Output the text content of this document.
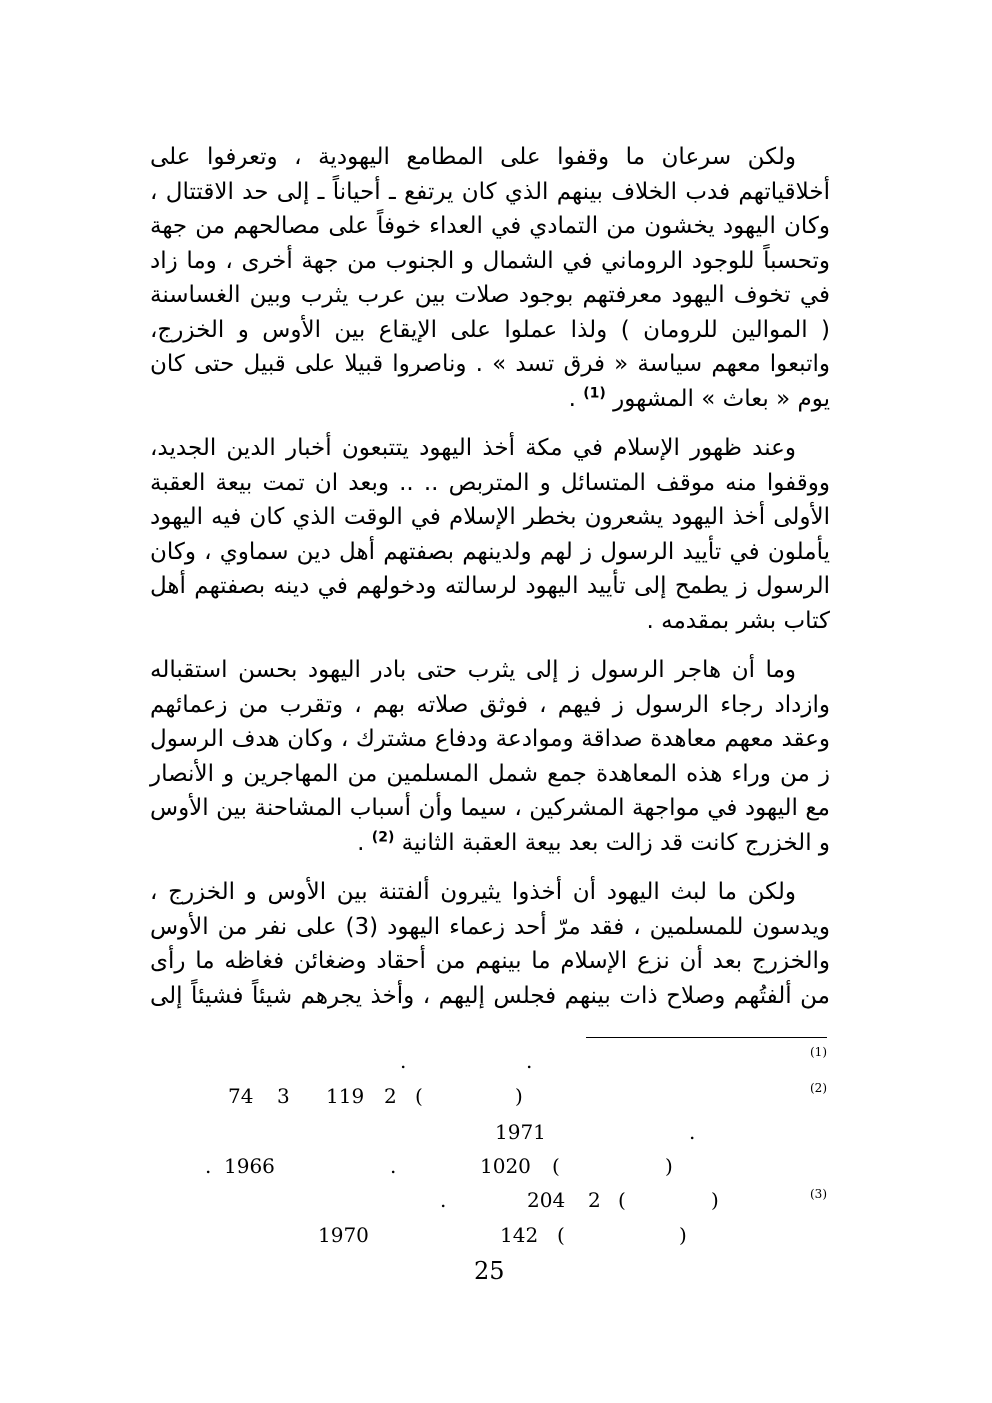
ولكن سرعان ما وقفوا على المطامع اليهودية ، وتعرفوا على
أخلاقياتهم فدب الخلاف بينهم الذي كان يرتفع ـ أحياناً ـ إلى حد الاقتتال ،
وكان اليهود يخشون من التمادي في العداء خوفاً على مصالحهم من جهة
وتحسباً للوجود الروماني في الشمال و الجنوب من جهة أخرى ، وما زاد
في تخوف اليهود معرفتهم بوجود صلات بين عرب يثرب وبين الغساسنة
( الموالين للرومان ) ولذا عملوا على الإيقاع بين الأوس و الخزرج،
واتبعوا معهم سياسة « فرق تسد » . وناصروا قبيلا على قبيل حتى كان
يوم « بعاث » المشهور $^{(1)}$ .
وعند ظهور الإسلام في مكة أخذ اليهود يتتبعون أخبار الدين الجديد،
ووقفوا منه موقف المتسائل و المتربص .. .. وبعد ان تمت بيعة العقبة
الأولى أخذ اليهود يشعرون بخطر الإسلام في الوقت الذي كان فيه اليهود
يأملون في تأييد الرسول ز لهم ولدينهم بصفتهم أهل دين سماوي ، وكان
الرسول ز يطمح إلى تأييد اليهود لرسالته ودخولهم في دينه بصفتهم أهل
كتاب بشر بمقدمه .
وما أن هاجر الرسول ز إلى يثرب حتى بادر اليهود بحسن استقباله
وازداد رجاء الرسول ز فيهم ، فوثق صلاته بهم ، وتقرب من زعمائهم
وعقد معهم معاهدة صداقة وموادعة ودفاع مشترك ، وكان هدف الرسول
ز من وراء هذه المعاهدة جمع شمل المسلمين من المهاجرين و الأنصار
مع اليهود في مواجهة المشركين ، سيما وأن أسباب المشاحنة بين الأوس
و الخزرج كانت قد زالت بعد بيعة العقبة الثانية $^{(2)}$ .
ولكن ما لبث اليهود أن أخذوا يثيرون ألفتنة بين الأوس و الخزرج ،
ويدسون للمسلمين ، فقد مرّ أحد زعماء اليهود (3) على نفر من الأوس
والخزرج بعد أن نزع الإسلام ما بينهم من أحقاد وضغائن فغاظه ما رأى
من ألفتُهم وصلاح ذات بينهم فجلس إليهم ، وأخذ يجرهم شيئاً فشيئاً إلى
(1)
(2)
(3)
.
.
74 3 119 2 (	)
1971	.
. 1966	.	1020 (	)
204 2 (	)
.
1970	142 (	)
25
